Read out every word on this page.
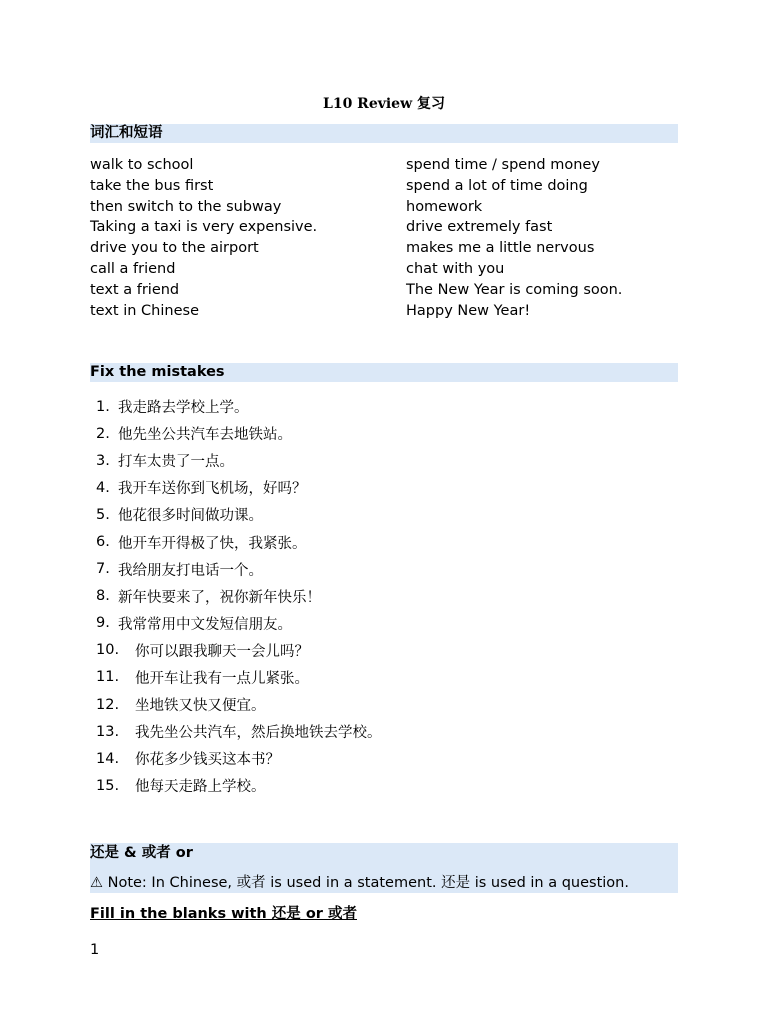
L10 Review 复习
词汇和短语
walk to school
take the bus first
then switch to the subway
Taking a taxi is very expensive.
drive you to the airport
call a friend
text a friend
text in Chinese
spend time / spend money
spend a lot of time doing
homework
drive extremely fast
makes me a little nervous
chat with you
The New Year is coming soon.
Happy New Year!
Fix the mistakes
1. 我走路去学校上学。
2. 他先坐公共汽车去地铁站。
3. 打车太贵了一点。
4. 我开车送你到飞机场，好吗？
5. 他花很多时间做功课。
6. 他开车开得极了快，我紧张。
7. 我给朋友打电话一个。
8. 新年快要来了，祝你新年快乐！
9. 我常常用中文发短信朋友。
10.	你可以跟我聊天一会儿吗？
11.	他开车让我有一点儿紧张。
12.	坐地铁又快又便宜。
13.	我先坐公共汽车，然后换地铁去学校。
14.	你花多少钱买这本书？
15.	他每天走路上学校。
还是 & 或者 or
⚠ Note: In Chinese, 或者 is used in a statement. 还是 is used in a question.
Fill in the blanks with 还是 or 或者
1
